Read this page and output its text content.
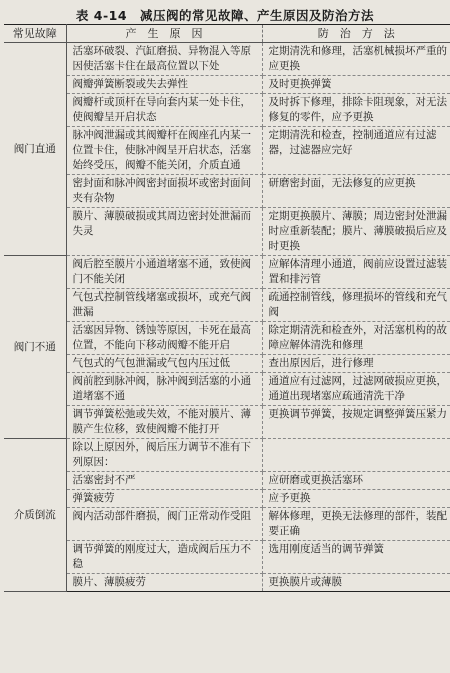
表 4-14　减压阀的常见故障、产生原因及防治方法
常见故障	产　生　原　因	防　治　方　法
阀门直通	活塞环破裂、汽缸磨损、异物混入等原因使活塞卡住在最高位置以下处	定期清洗和修理，活塞机械损坏严重的应更换
	阀瓣弹簧断裂或失去弹性	及时更换弹簧
	阀瓣杆或顶杆在导向套内某一处卡住，使阀瓣呈开启状态	及时拆下修理，排除卡阻现象，对无法修复的零件，应予更换
	脉冲阀泄漏或其阀瓣杆在阀座孔内某一位置卡住，使脉冲阀呈开启状态，活塞始终受压，阀瓣不能关闭，介质直通	定期清洗和检查，控制通道应有过滤器，过滤器应完好
	密封面和脉冲阀密封面损坏或密封面间夹有杂物	研磨密封面，无法修复的应更换
	膜片、薄膜破损或其周边密封处泄漏而失灵	定期更换膜片、薄膜；周边密封处泄漏时应重新装配；膜片、薄膜破损后应及时更换
阀门不通	阀后腔至膜片小通道堵塞不通，致使阀门不能关闭	应解体清理小通道，阀前应设置过滤装置和排污管
	气包式控制管线堵塞或损坏，或充气阀泄漏	疏通控制管线，修理损坏的管线和充气阀
	活塞因异物、锈蚀等原因，卡死在最高位置，不能向下移动阀瓣不能开启	除定期清洗和检查外，对活塞机构的故障应解体清洗和修理
	气包式的气包泄漏或气包内压过低	查出原因后，进行修理
	阀前腔到脉冲阀，脉冲阀到活塞的小通道堵塞不通	通道应有过滤网，过滤网破损应更换，通道出现堵塞应疏通清洗干净
	调节弹簧松弛或失效，不能对膜片、薄膜产生位移，致使阀瓣不能打开	更换调节弹簧，按规定调整弹簧压紧力
介质倒流	除以上原因外，阀后压力调节不准有下列原因：	
	活塞密封不严	应研磨或更换活塞环
	弹簧疲劳	应予更换
	阀内活动部件磨损，阀门正常动作受阻	解体修理，更换无法修理的部件，装配要正确
	调节弹簧的刚度过大，造成阀后压力不稳	选用刚度适当的调节弹簧
	膜片、薄膜疲劳	更换膜片或薄膜
